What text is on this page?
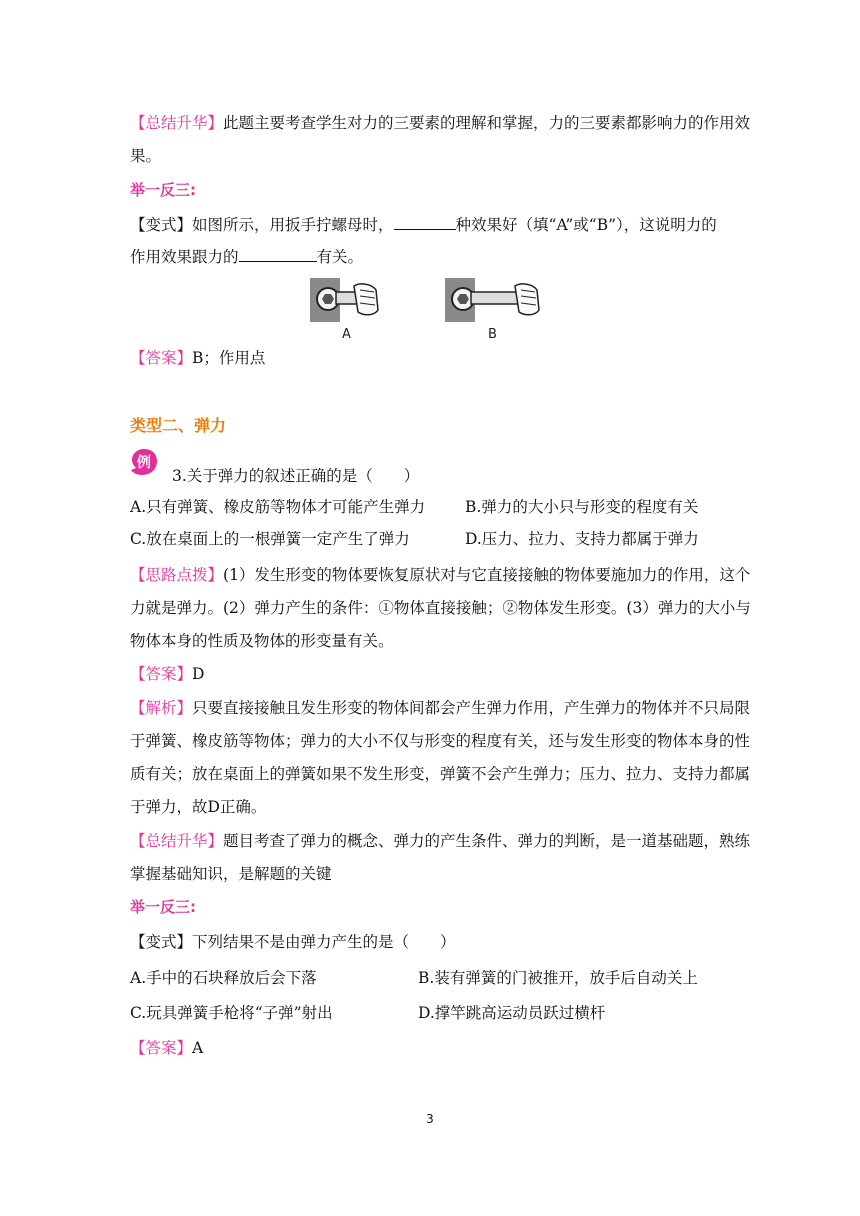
【总结升华】此题主要考查学生对力的三要素的理解和掌握，力的三要素都影响力的作用效
果。
举一反三:
【变式】如图所示，用扳手拧螺母时，	种效果好（填“A”或“B”），这说明力的
作用效果跟力的	有关。
A	B
【答案】B；作用点
类型二、弹力
例
3.关于弹力的叙述正确的是（　　）
A.只有弹簧、橡皮筋等物体才可能产生弹力	B.弹力的大小只与形变的程度有关
C.放在桌面上的一根弹簧一定产生了弹力	D.压力、拉力、支持力都属于弹力
【思路点拨】(1）发生形变的物体要恢复原状对与它直接接触的物体要施加力的作用，这个
力就是弹力。(2）弹力产生的条件：①物体直接接触；②物体发生形变。(3）弹力的大小与
物体本身的性质及物体的形变量有关。
【答案】D
【解析】只要直接接触且发生形变的物体间都会产生弹力作用，产生弹力的物体并不只局限
于弹簧、橡皮筋等物体；弹力的大小不仅与形变的程度有关，还与发生形变的物体本身的性
质有关；放在桌面上的弹簧如果不发生形变，弹簧不会产生弹力；压力、拉力、支持力都属
于弹力，故D正确。
【总结升华】题目考查了弹力的概念、弹力的产生条件、弹力的判断，是一道基础题，熟练
掌握基础知识，是解题的关键
举一反三:
【变式】下列结果不是由弹力产生的是（　　）
A.手中的石块释放后会下落	B.装有弹簧的门被推开，放手后自动关上
C.玩具弹簧手枪将“子弹”射出	D.撑竿跳高运动员跃过横杆
【答案】A
3
